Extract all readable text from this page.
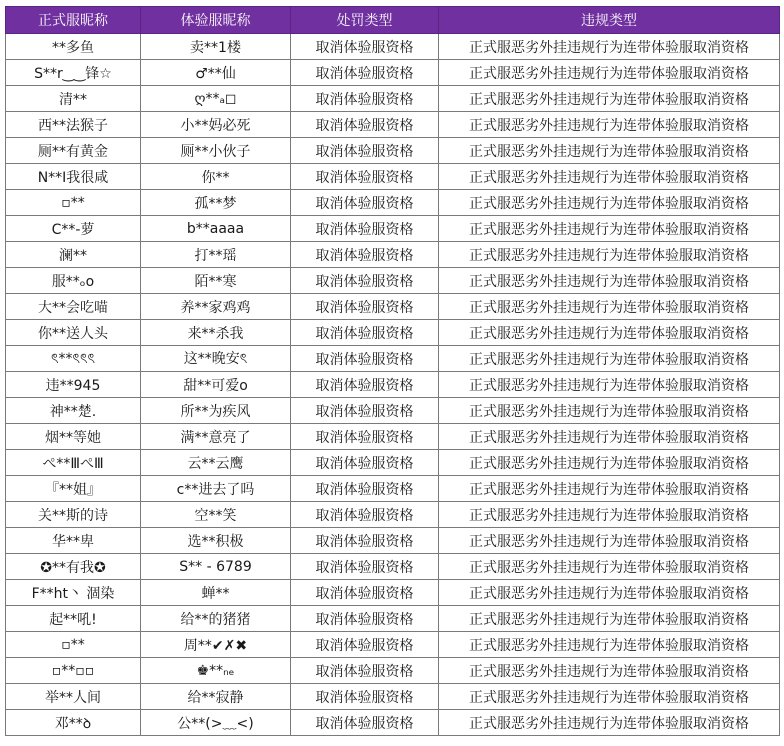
正式服昵称	体验服昵称	处罚类型	违规类型
**多鱼	卖**1楼	取消体验服资格	正式服恶劣外挂违规行为连带体验服取消资格
S**r‿‿锋☆	♂**仙	取消体验服资格	正式服恶劣外挂违规行为连带体验服取消资格
清**	ღ**ₐ◻	取消体验服资格	正式服恶劣外挂违规行为连带体验服取消资格
西**法猴子	小**妈必死	取消体验服资格	正式服恶劣外挂违规行为连带体验服取消资格
厕**有黄金	厕**小伙子	取消体验服资格	正式服恶劣外挂违规行为连带体验服取消资格
N**I我很咸	你**	取消体验服资格	正式服恶劣外挂违规行为连带体验服取消资格
▫**	孤**梦	取消体验服资格	正式服恶劣外挂违规行为连带体验服取消资格
C**-萝	b**aaaa	取消体验服资格	正式服恶劣外挂违规行为连带体验服取消资格
澜**	打**瑶	取消体验服资格	正式服恶劣外挂违规行为连带体验服取消资格
服**ₒo	陌**寒	取消体验服资格	正式服恶劣外挂违规行为连带体验服取消资格
大**会吃喵	养**家鸡鸡	取消体验服资格	正式服恶劣外挂违规行为连带体验服取消资格
你**送人头	来**杀我	取消体验服资格	正式服恶劣外挂违规行为连带体验服取消资格
ৎ**ৎৎৎ	这**晚安ৎ	取消体验服资格	正式服恶劣外挂违规行为连带体验服取消资格
违**945	甜**可爱o	取消体验服资格	正式服恶劣外挂违规行为连带体验服取消资格
神**楚.	所**为疾风	取消体验服资格	正式服恶劣外挂违规行为连带体验服取消资格
烟**等她	满**意亮了	取消体验服资格	正式服恶劣外挂违规行为连带体验服取消资格
ぺ**ⅢぺⅢ	云**云鹰	取消体验服资格	正式服恶劣外挂违规行为连带体验服取消资格
『**姐』	c**进去了吗	取消体验服资格	正式服恶劣外挂违规行为连带体验服取消资格
关**斯的诗	空**笑	取消体验服资格	正式服恶劣外挂违规行为连带体验服取消资格
华**卑	选**积极	取消体验服资格	正式服恶劣外挂违规行为连带体验服取消资格
✪**有我✪	S** - 6789	取消体验服资格	正式服恶劣外挂违规行为连带体验服取消资格
F**ht丶 涸染	蝉**	取消体验服资格	正式服恶劣外挂违规行为连带体验服取消资格
起**吼!	给**的猪猪	取消体验服资格	正式服恶劣外挂违规行为连带体验服取消资格
▫**	周**✔✗✖	取消体验服资格	正式服恶劣外挂违规行为连带体验服取消资格
▫**▫▫	♚**ₙₑ	取消体验服资格	正式服恶劣外挂违规行为连带体验服取消资格
举**人间	给**寂静	取消体验服资格	正式服恶劣外挂违规行为连带体验服取消资格
邓**ꝺ	公**(>﹏<)	取消体验服资格	正式服恶劣外挂违规行为连带体验服取消资格
